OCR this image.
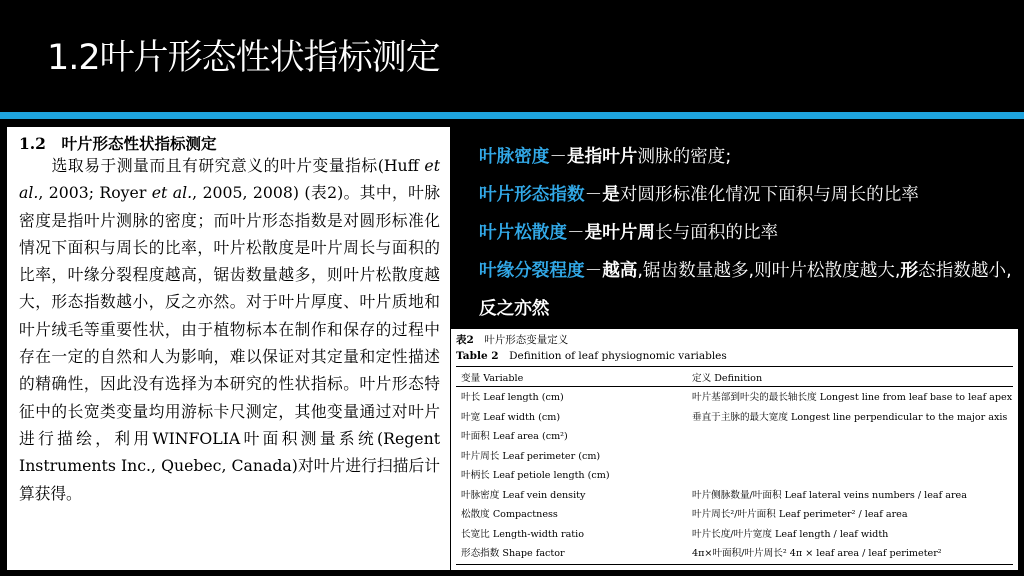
1.2叶片形态性状指标测定
1.2　叶片形态性状指标测定
　　选取易于测量而且有研究意义的叶片变量指标(Huff et al., 2003; Royer et al., 2005, 2008) (表2)。其中，叶脉密度是指叶片测脉的密度；而叶片形态指数是对圆形标准化情况下面积与周长的比率，叶片松散度是叶片周长与面积的比率，叶缘分裂程度越高，锯齿数量越多，则叶片松散度越大，形态指数越小，反之亦然。对于叶片厚度、叶片质地和叶片绒毛等重要性状，由于植物标本在制作和保存的过程中存在一定的自然和人为影响，难以保证对其定量和定性描述的精确性，因此没有选择为本研究的性状指标。叶片形态特征中的长宽类变量均用游标卡尺测定，其他变量通过对叶片进行描绘，利用WINFOLIA叶面积测量系统(Regent Instruments Inc., Quebec, Canada)对叶片进行扫描后计算获得。
叶脉密度－是指叶片测脉的密度;
叶片形态指数－是对圆形标准化情况下面积与周长的比率
叶片松散度－是叶片周长与面积的比率
叶缘分裂程度－越高,锯齿数量越多,则叶片松散度越大,形态指数越小,反之亦然
表2　叶片形态变量定义
Table 2　Definition of leaf physiognomic variables
变量 Variable	定义 Definition
叶长 Leaf length (cm)	叶片基部到叶尖的最长轴长度 Longest line from leaf base to leaf apex
叶宽 Leaf width (cm)	垂直于主脉的最大宽度 Longest line perpendicular to the major axis
叶面积 Leaf area (cm²)
叶片周长 Leaf perimeter (cm)
叶柄长 Leaf petiole length (cm)
叶脉密度 Leaf vein density	叶片侧脉数量/叶面积 Leaf lateral veins numbers / leaf area
松散度 Compactness	叶片周长²/叶片面积 Leaf perimeter² / leaf area
长宽比 Length-width ratio	叶片长度/叶片宽度 Leaf length / leaf width
形态指数 Shape factor	4π×叶面积/叶片周长² 4π × leaf area / leaf perimeter²
